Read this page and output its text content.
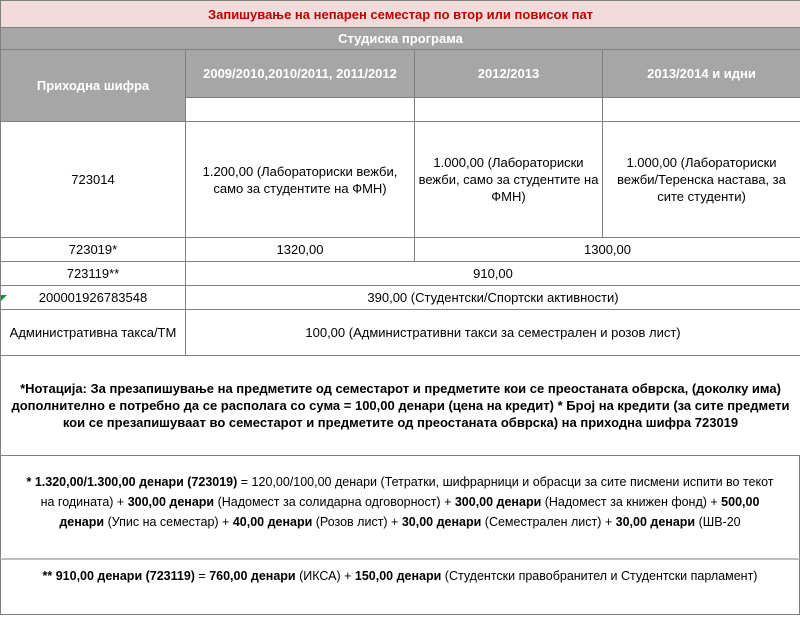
Запишување на непарен семестар по втор или повисок пат			
Студиска програма			
Приходна шифра	2009/2010,2010/2011, 2011/2012	2012/2013	2013/2014 и идни

723014	1.200,00 (Лабораториски вежби, само за студентите на ФМН)	1.000,00 (Лабораториски вежби, само за студентите на ФМН)	1.000,00 (Лабораториски вежби/Теренска настава, за сите студенти)
723019*	1320,00	1300,00	
723119**	910,00		
200001926783548	390,00 (Студентски/Спортски активности)		
Административна такса/ТМ	100,00 (Административни такси за семестрален и розов лист)		
*Нотација: За презапишување на предметите од семестарот и предметите кои се преостаната обврска, (доколку има) дополнително е потребно да се располага со сума = 100,00 денари (цена на кредит) * Број на кредити (за сите предмети кои се презапишуваат во семестарот и предметите од преостаната обврска) на приходна шифра 723019			
* 1.320,00/1.300,00 денари (723019) = 120,00/100,00 денари (Тетратки, шифрарници и обрасци за сите писмени испити во текот на годината) + 300,00 денари (Надомест за солидарна одговорност) + 300,00 денари (Надомест за книжен фонд) + 500,00 денари (Упис на семестар) + 40,00 денари (Розов лист) + 30,00 денари (Семестрален лист) + 30,00 денари (ШВ-20
** 910,00 денари (723119) = 760,00 денари (ИКСА) + 150,00 денари (Студентски правобранител и Студентски парламент)
